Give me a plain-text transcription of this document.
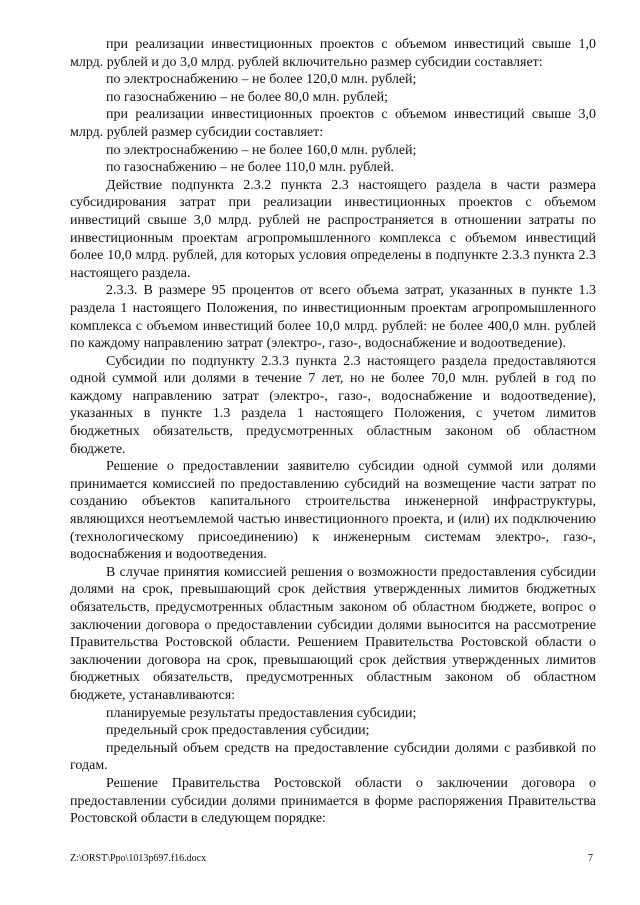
при реализации инвестиционных проектов с объемом инвестиций свыше 1,0 млрд. рублей и до 3,0 млрд. рублей включительно размер субсидии составляет:

по электроснабжению – не более 120,0 млн. рублей;

по газоснабжению – не более 80,0 млн. рублей;

при реализации инвестиционных проектов с объемом инвестиций свыше 3,0 млрд. рублей размер субсидии составляет:

по электроснабжению – не более 160,0 млн. рублей;

по газоснабжению – не более 110,0 млн. рублей.

Действие подпункта 2.3.2 пункта 2.3 настоящего раздела в части размера субсидирования затрат при реализации инвестиционных проектов с объемом инвестиций свыше 3,0 млрд. рублей не распространяется в отношении затраты по инвестиционным проектам агропромышленного комплекса с объемом инвестиций более 10,0 млрд. рублей, для которых условия определены в подпункте 2.3.3 пункта 2.3 настоящего раздела.

2.3.3. В размере 95 процентов от всего объема затрат, указанных в пункте 1.3 раздела 1 настоящего Положения, по инвестиционным проектам агропромышленного комплекса с объемом инвестиций более 10,0 млрд. рублей: не более 400,0 млн. рублей по каждому направлению затрат (электро-, газо-, водоснабжение и водоотведение).

Субсидии по подпункту 2.3.3 пункта 2.3 настоящего раздела предоставляются одной суммой или долями в течение 7 лет, но не более 70,0 млн. рублей в год по каждому направлению затрат (электро-, газо-, водоснабжение и водоотведение), указанных в пункте 1.3 раздела 1 настоящего Положения, с учетом лимитов бюджетных обязательств, предусмотренных областным законом об областном бюджете.

Решение о предоставлении заявителю субсидии одной суммой или долями принимается комиссией по предоставлению субсидий на возмещение части затрат по созданию объектов капитального строительства инженерной инфраструктуры, являющихся неотъемлемой частью инвестиционного проекта, и (или) их подключению (технологическому присоединению) к инженерным системам электро-, газо-, водоснабжения и водоотведения.

В случае принятия комиссией решения о возможности предоставления субсидии долями на срок, превышающий срок действия утвержденных лимитов бюджетных обязательств, предусмотренных областным законом об областном бюджете, вопрос о заключении договора о предоставлении субсидии долями выносится на рассмотрение Правительства Ростовской области. Решением Правительства Ростовской области о заключении договора на срок, превышающий срок действия утвержденных лимитов бюджетных обязательств, предусмотренных областным законом об областном бюджете, устанавливаются:

планируемые результаты предоставления субсидии;

предельный срок предоставления субсидии;

предельный объем средств на предоставление субсидии долями с разбивкой по годам.

Решение Правительства Ростовской области о заключении договора о предоставлении субсидии долями принимается в форме распоряжения Правительства Ростовской области в следующем порядке:

Z:\ORST\Ppo\1013p697.f16.docx	7
